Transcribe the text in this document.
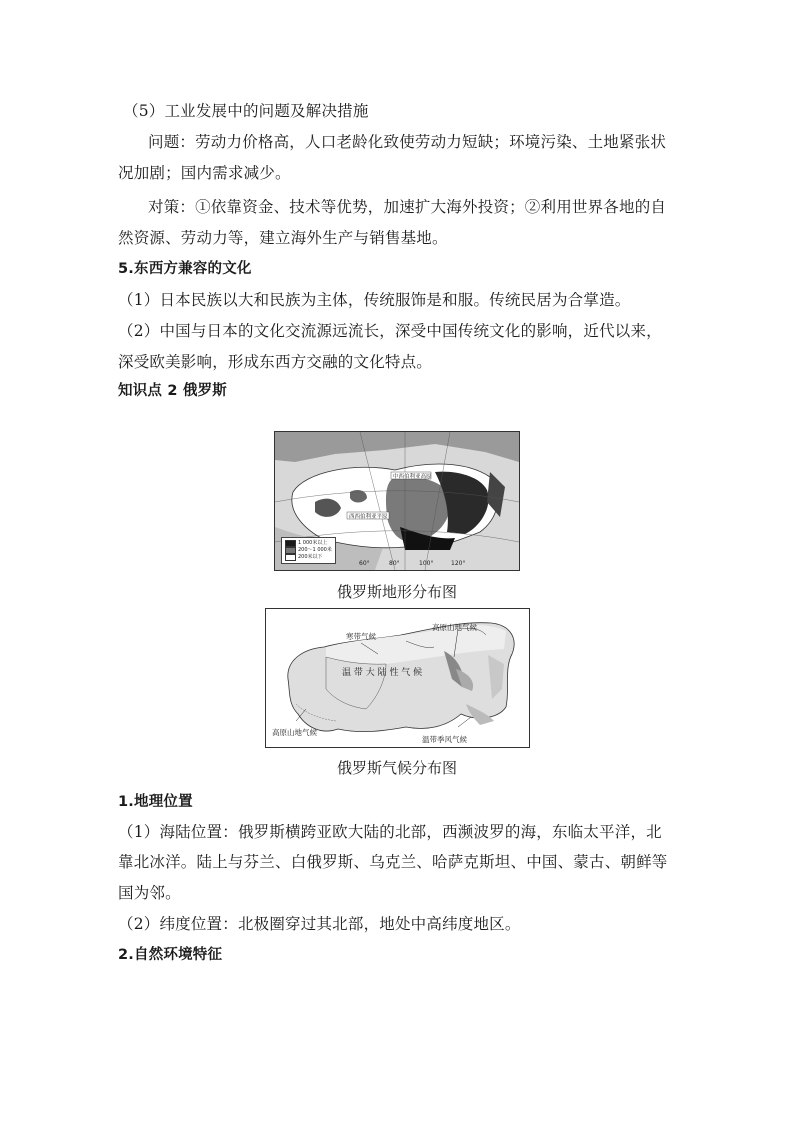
（5）工业发展中的问题及解决措施
问题：劳动力价格高，人口老龄化致使劳动力短缺；环境污染、土地紧张状
况加剧；国内需求减少。
对策：①依靠资金、技术等优势，加速扩大海外投资；②利用世界各地的自
然资源、劳动力等，建立海外生产与销售基地。
5.东西方兼容的文化
（1）日本民族以大和民族为主体，传统服饰是和服。传统民居为合掌造。
（2）中国与日本的文化交流源远流长，深受中国传统文化的影响，近代以来，
深受欧美影响，形成东西方交融的文化特点。
知识点 2 俄罗斯
中西伯利亚高原
西西伯利亚平原
1 000米以上
200～1 000米
200米以下
60°	80°	100°	120°
俄罗斯地形分布图
寒带气候
高原山地气候
温 带 大 陆 性 气 候
高原山地气候
温带季风气候
俄罗斯气候分布图
1.地理位置
（1）海陆位置：俄罗斯横跨亚欧大陆的北部，西濒波罗的海，东临太平洋，北
靠北冰洋。陆上与芬兰、白俄罗斯、乌克兰、哈萨克斯坦、中国、蒙古、朝鲜等
国为邻。
（2）纬度位置：北极圈穿过其北部，地处中高纬度地区。
2.自然环境特征
